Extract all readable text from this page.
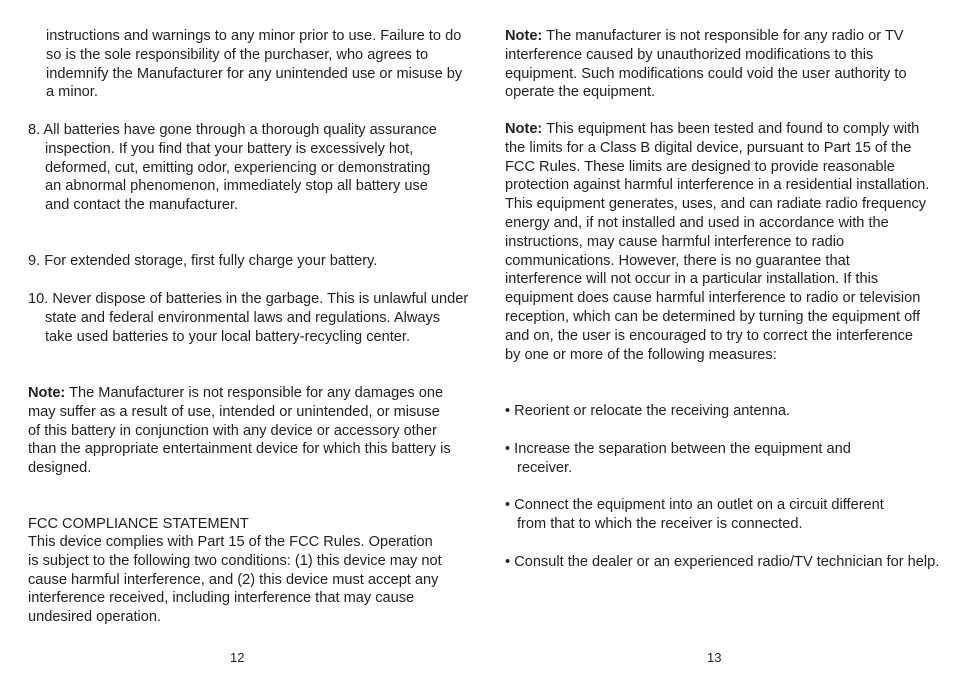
instructions and warnings to any minor prior to use. Failure to do so is the sole responsibility of the purchaser, who agrees to indemnify the Manufacturer for any unintended use or misuse by a minor.

8. All batteries have gone through a thorough quality assurance inspection. If you find that your battery is excessively hot, deformed, cut, emitting odor, experiencing or demonstrating an abnormal phenomenon, immediately stop all battery use and contact the manufacturer.

9. For extended storage, first fully charge your battery.

10. Never dispose of batteries in the garbage. This is unlawful under state and federal environmental laws and regulations. Always take used batteries to your local battery-recycling center.

Note: The Manufacturer is not responsible for any damages one may suffer as a result of use, intended or unintended, or misuse of this battery in conjunction with any device or accessory other than the appropriate entertainment device for which this battery is designed.

FCC COMPLIANCE STATEMENT

This device complies with Part 15 of the FCC Rules. Operation is subject to the following two conditions: (1) this device may not cause harmful interference, and (2) this device must accept any interference received, including interference that may cause undesired operation.

12

Note: The manufacturer is not responsible for any radio or TV interference caused by unauthorized modifications to this equipment. Such modifications could void the user authority to operate the equipment.

Note: This equipment has been tested and found to comply with the limits for a Class B digital device, pursuant to Part 15 of the FCC Rules. These limits are designed to provide reasonable protection against harmful interference in a residential installation. This equipment generates, uses, and can radiate radio frequency energy and, if not installed and used in accordance with the instructions, may cause harmful interference to radio communications. However, there is no guarantee that interference will not occur in a particular installation. If this equipment does cause harmful interference to radio or television reception, which can be determined by turning the equipment off and on, the user is encouraged to try to correct the interference by one or more of the following measures:

• Reorient or relocate the receiving antenna.

• Increase the separation between the equipment and receiver.

• Connect the equipment into an outlet on a circuit different from that to which the receiver is connected.

• Consult the dealer or an experienced radio/TV technician for help.

13
